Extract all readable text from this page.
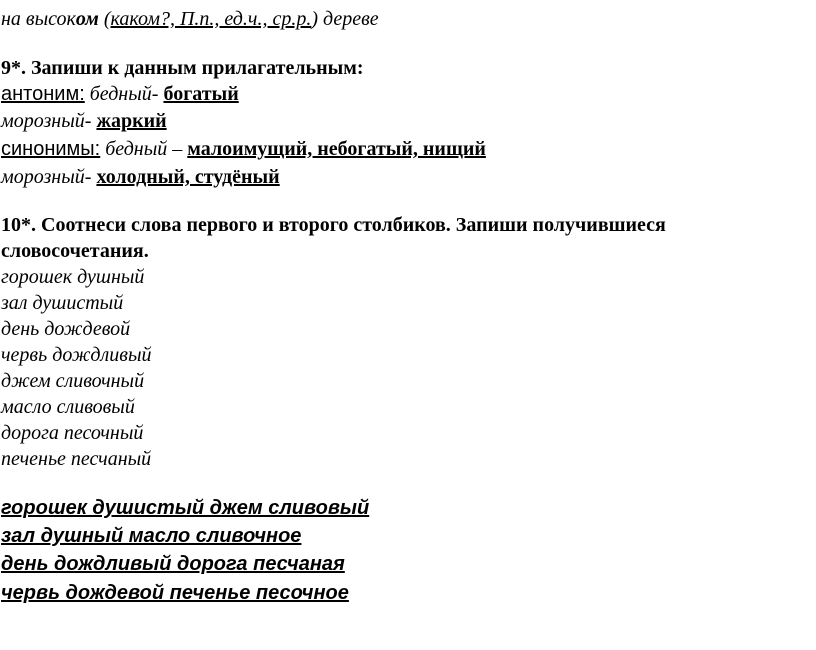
на высоком (каком?, П.п., ед.ч., ср.р.) дереве
9*. Запиши к данным прилагательным:
антоним: бедный- богатый
морозный- жаркий
синонимы: бедный – малоимущий, небогатый, нищий
морозный- холодный, студёный
10*. Соотнеси слова первого и второго столбиков. Запиши получившиеся
словосочетания.
горошек душный
зал душистый
день дождевой
червь дождливый
джем сливочный
масло сливовый
дорога песочный
печенье песчаный
горошек душистый джем сливовый
зал душный масло сливочное
день дождливый дорога песчаная
червь дождевой печенье песочное
